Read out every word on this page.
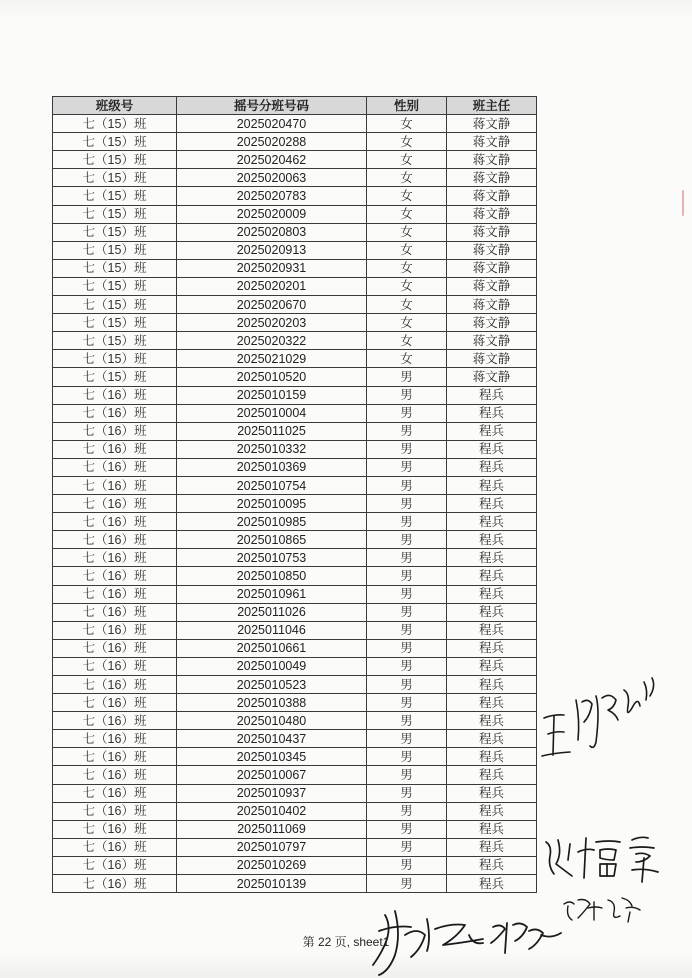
班级号	摇号分班号码	性别	班主任
七（15）班	2025020470	女	蒋文静
七（15）班	2025020288	女	蒋文静
七（15）班	2025020462	女	蒋文静
七（15）班	2025020063	女	蒋文静
七（15）班	2025020783	女	蒋文静
七（15）班	2025020009	女	蒋文静
七（15）班	2025020803	女	蒋文静
七（15）班	2025020913	女	蒋文静
七（15）班	2025020931	女	蒋文静
七（15）班	2025020201	女	蒋文静
七（15）班	2025020670	女	蒋文静
七（15）班	2025020203	女	蒋文静
七（15）班	2025020322	女	蒋文静
七（15）班	2025021029	女	蒋文静
七（15）班	2025010520	男	蒋文静
七（16）班	2025010159	男	程兵
七（16）班	2025010004	男	程兵
七（16）班	2025011025	男	程兵
七（16）班	2025010332	男	程兵
七（16）班	2025010369	男	程兵
七（16）班	2025010754	男	程兵
七（16）班	2025010095	男	程兵
七（16）班	2025010985	男	程兵
七（16）班	2025010865	男	程兵
七（16）班	2025010753	男	程兵
七（16）班	2025010850	男	程兵
七（16）班	2025010961	男	程兵
七（16）班	2025011026	男	程兵
七（16）班	2025011046	男	程兵
七（16）班	2025010661	男	程兵
七（16）班	2025010049	男	程兵
七（16）班	2025010523	男	程兵
七（16）班	2025010388	男	程兵
七（16）班	2025010480	男	程兵
七（16）班	2025010437	男	程兵
七（16）班	2025010345	男	程兵
七（16）班	2025010067	男	程兵
七（16）班	2025010937	男	程兵
七（16）班	2025010402	男	程兵
七（16）班	2025011069	男	程兵
七（16）班	2025010797	男	程兵
七（16）班	2025010269	男	程兵
七（16）班	2025010139	男	程兵
第 22 页, sheet1
